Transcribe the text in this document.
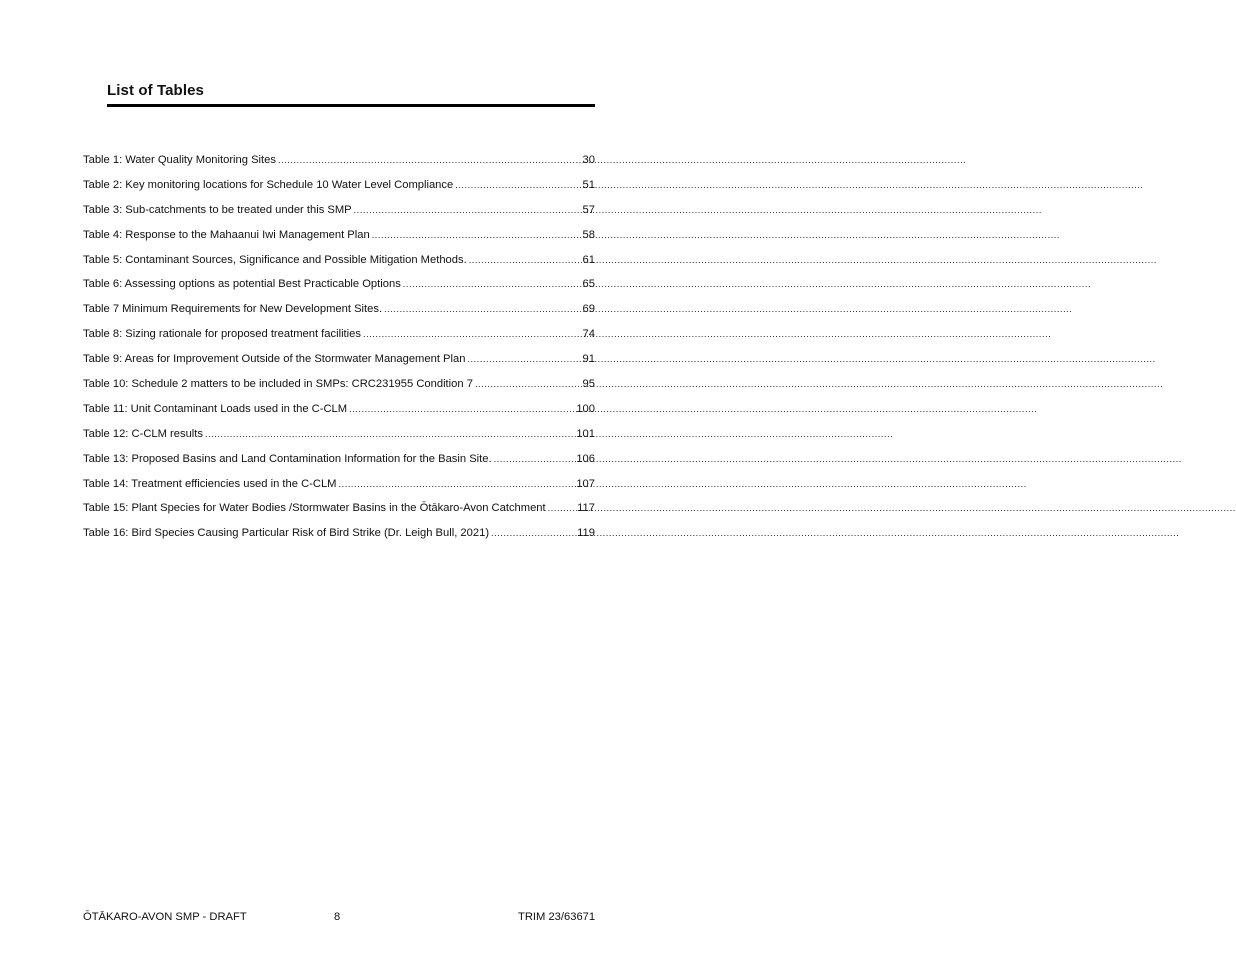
List of Tables
Table 1: Water Quality Monitoring Sites .....	30
Table 2: Key monitoring locations for Schedule 10 Water Level Compliance .....	51
Table 3: Sub-catchments to be treated under this SMP .....	57
Table 4: Response to the Mahaanui Iwi Management Plan .....	58
Table 5: Contaminant Sources, Significance and Possible Mitigation Methods. .....	61
Table 6: Assessing options as potential Best Practicable Options .....	65
Table 7 Minimum Requirements for New Development Sites. .....	69
Table 8: Sizing rationale for proposed treatment facilities .....	74
Table 9: Areas for Improvement Outside of the Stormwater Management Plan .....	91
Table 10: Schedule 2 matters to be included in SMPs: CRC231955 Condition 7 .....	95
Table 11: Unit Contaminant Loads used in the C-CLM .....	100
Table 12: C-CLM results .....	101
Table 13: Proposed Basins and Land Contamination Information for the Basin Site. .....	106
Table 14: Treatment efficiencies used in the C-CLM .....	107
Table 15: Plant Species for Water Bodies /Stormwater Basins in the Ōtākaro-Avon Catchment .....	117
Table 16: Bird Species Causing Particular Risk of Bird Strike (Dr. Leigh Bull, 2021) .....	119
ŌTĀKARO-AVON SMP - DRAFT	8	TRIM 23/63671
